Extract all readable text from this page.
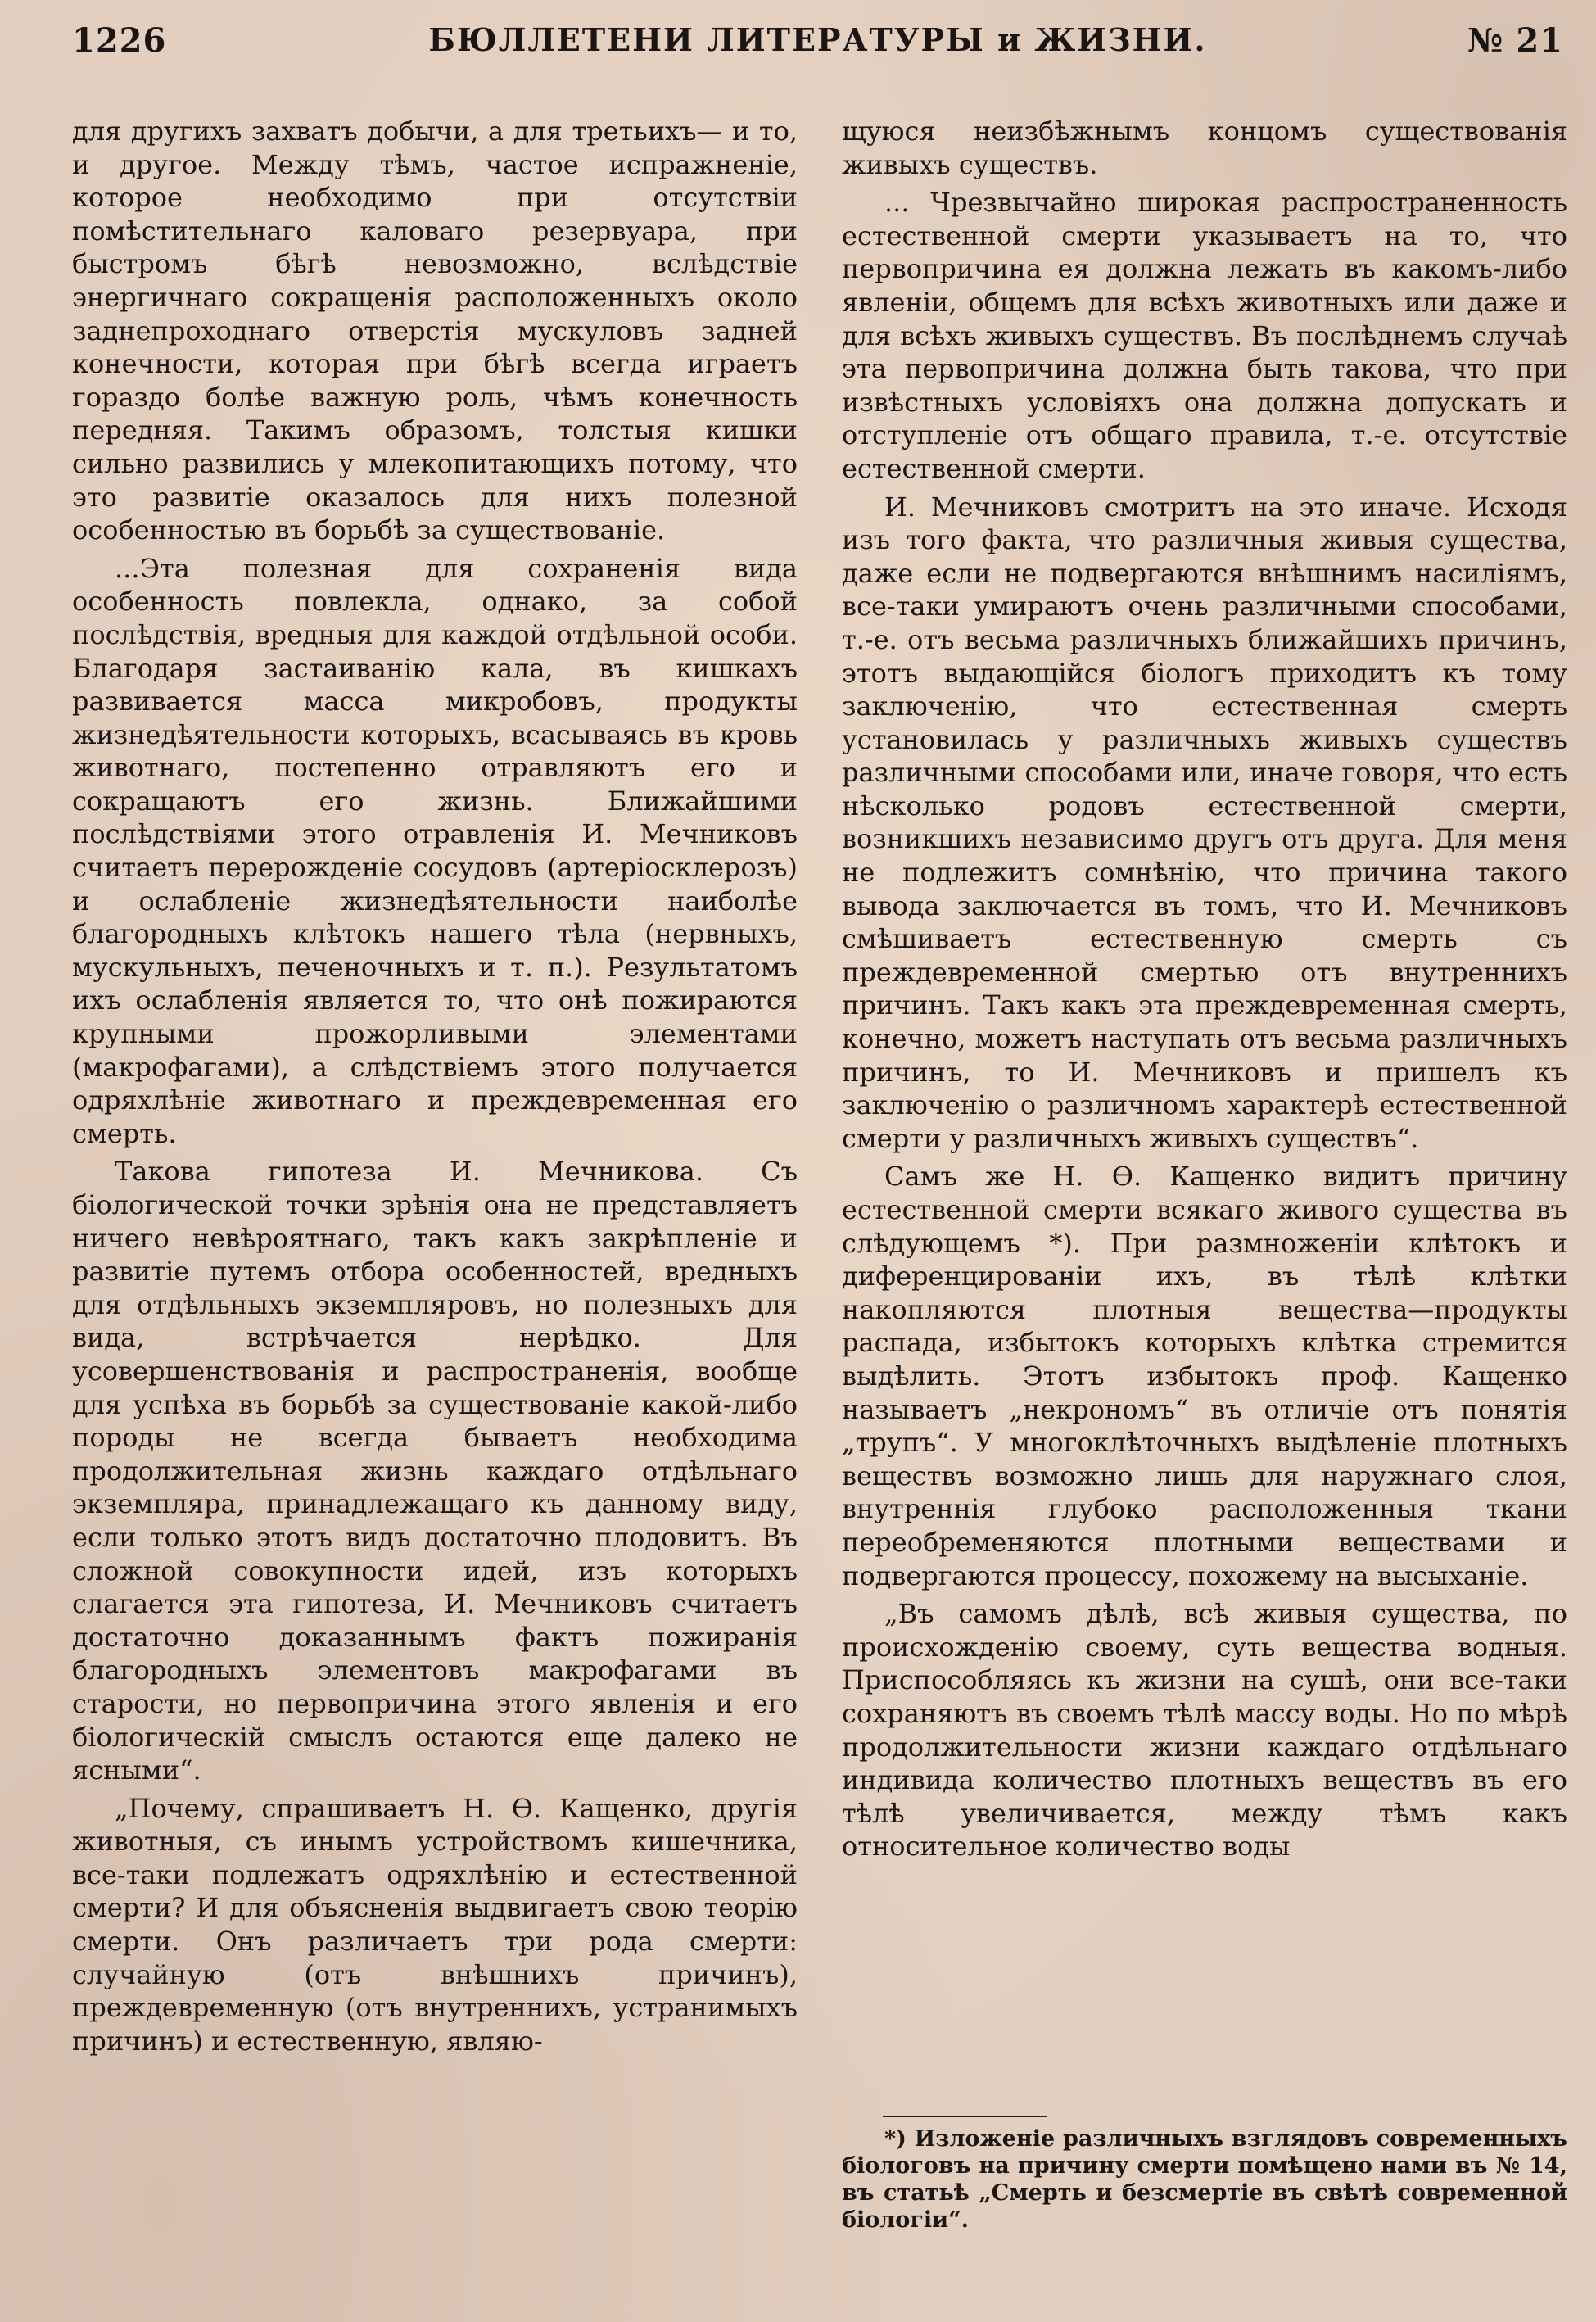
1226	БЮЛЛЕТЕНИ ЛИТЕРАТУРЫ и ЖИЗНИ.	№ 21

для другихъ захватъ добычи, а для третьихъ— и то, и другое. Между тѣмъ, частое испражненіе, которое необходимо при отсутствіи помѣстительнаго каловаго резервуара, при быстромъ бѣгѣ невозможно, вслѣдствіе энергичнаго сокращенія расположенныхъ около заднепроходнаго отверстія мускуловъ задней конечности, которая при бѣгѣ всегда играетъ гораздо болѣе важную роль, чѣмъ конечность передняя. Такимъ образомъ, толстыя кишки сильно развились у млекопитающихъ потому, что это развитіе оказалось для нихъ полезной особенностью въ борьбѣ за существованіе.

...Эта полезная для сохраненія вида особенность повлекла, однако, за собой послѣдствія, вредныя для каждой отдѣльной особи. Благодаря застаиванію кала, въ кишкахъ развивается масса микробовъ, продукты жизнедѣятельности которыхъ, всасываясь въ кровь животнаго, постепенно отравляютъ его и сокращаютъ его жизнь. Ближайшими послѣдствіями этого отравленія И. Мечниковъ считаетъ перерожденіе сосудовъ (артеріосклерозъ) и ослабленіе жизнедѣятельности наиболѣе благородныхъ клѣтокъ нашего тѣла (нервныхъ, мускульныхъ, печеночныхъ и т. п.). Результатомъ ихъ ослабленія является то, что онѣ пожираются крупными прожорливыми элементами (макрофагами), а слѣдствіемъ этого получается одряхлѣніе животнаго и преждевременная его смерть.

Такова гипотеза И. Мечникова. Съ біологической точки зрѣнія она не представляетъ ничего невѣроятнаго, такъ какъ закрѣпленіе и развитіе путемъ отбора особенностей, вредныхъ для отдѣльныхъ экземпляровъ, но полезныхъ для вида, встрѣчается нерѣдко. Для усовершенствованія и распространенія, вообще для успѣха въ борьбѣ за существованіе какой-либо породы не всегда бываетъ необходима продолжительная жизнь каждаго отдѣльнаго экземпляра, принадлежащаго къ данному виду, если только этотъ видъ достаточно плодовитъ. Въ сложной совокупности идей, изъ которыхъ слагается эта гипотеза, И. Мечниковъ считаетъ достаточно доказаннымъ фактъ пожиранія благородныхъ элементовъ макрофагами въ старости, но первопричина этого явленія и его біологическій смыслъ остаются еще далеко не ясными“.

„Почему, спрашиваетъ Н. Ѳ. Кащенко, другія животныя, съ инымъ устройствомъ кишечника, все-таки подлежатъ одряхлѣнію и естественной смерти? И для объясненія выдвигаетъ свою теорію смерти. Онъ различаетъ три рода смерти: случайную (отъ внѣшнихъ причинъ), преждевременную (отъ внутреннихъ, устранимыхъ причинъ) и естественную, являю-

щуюся неизбѣжнымъ концомъ существованія живыхъ существъ.

... Чрезвычайно широкая распространенность естественной смерти указываетъ на то, что первопричина ея должна лежать въ какомъ-либо явленіи, общемъ для всѣхъ животныхъ или даже и для всѣхъ живыхъ существъ. Въ послѣднемъ случаѣ эта первопричина должна быть такова, что при извѣстныхъ условіяхъ она должна допускать и отступленіе отъ общаго правила, т.-е. отсутствіе естественной смерти.

И. Мечниковъ смотритъ на это иначе. Исходя изъ того факта, что различныя живыя существа, даже если не подвергаются внѣшнимъ насиліямъ, все-таки умираютъ очень различными способами, т.-е. отъ весьма различныхъ ближайшихъ причинъ, этотъ выдающійся біологъ приходитъ къ тому заключенію, что естественная смерть установилась у различныхъ живыхъ существъ различными способами или, иначе говоря, что есть нѣсколько родовъ естественной смерти, возникшихъ независимо другъ отъ друга. Для меня не подлежитъ сомнѣнію, что причина такого вывода заключается въ томъ, что И. Мечниковъ смѣшиваетъ естественную смерть съ преждевременной смертью отъ внутреннихъ причинъ. Такъ какъ эта преждевременная смерть, конечно, можетъ наступать отъ весьма различныхъ причинъ, то И. Мечниковъ и пришелъ къ заключенію о различномъ характерѣ естественной смерти у различныхъ живыхъ существъ“.

Самъ же Н. Ѳ. Кащенко видитъ причину естественной смерти всякаго живого существа въ слѣдующемъ *). При размноженіи клѣтокъ и диференцированіи ихъ, въ тѣлѣ клѣтки накопляются плотныя вещества—продукты распада, избытокъ которыхъ клѣтка стремится выдѣлить. Этотъ избытокъ проф. Кащенко называетъ „некрономъ“ въ отличіе отъ понятія „трупъ“. У многоклѣточныхъ выдѣленіе плотныхъ веществъ возможно лишь для наружнаго слоя, внутреннія глубоко расположенныя ткани переобременяются плотными веществами и подвергаются процессу, похожему на высыханіе.

„Въ самомъ дѣлѣ, всѣ живыя существа, по происхожденію своему, суть вещества водныя. Приспособляясь къ жизни на сушѣ, они все-таки сохраняютъ въ своемъ тѣлѣ массу воды. Но по мѣрѣ продолжительности жизни каждаго отдѣльнаго индивида количество плотныхъ веществъ въ его тѣлѣ увеличивается, между тѣмъ какъ относительное количество воды

*) Изложеніе различныхъ взглядовъ современныхъ біологовъ на причину смерти помѣщено нами въ № 14, въ статьѣ „Смерть и безсмертіе въ свѣтѣ современной біологіи“.
